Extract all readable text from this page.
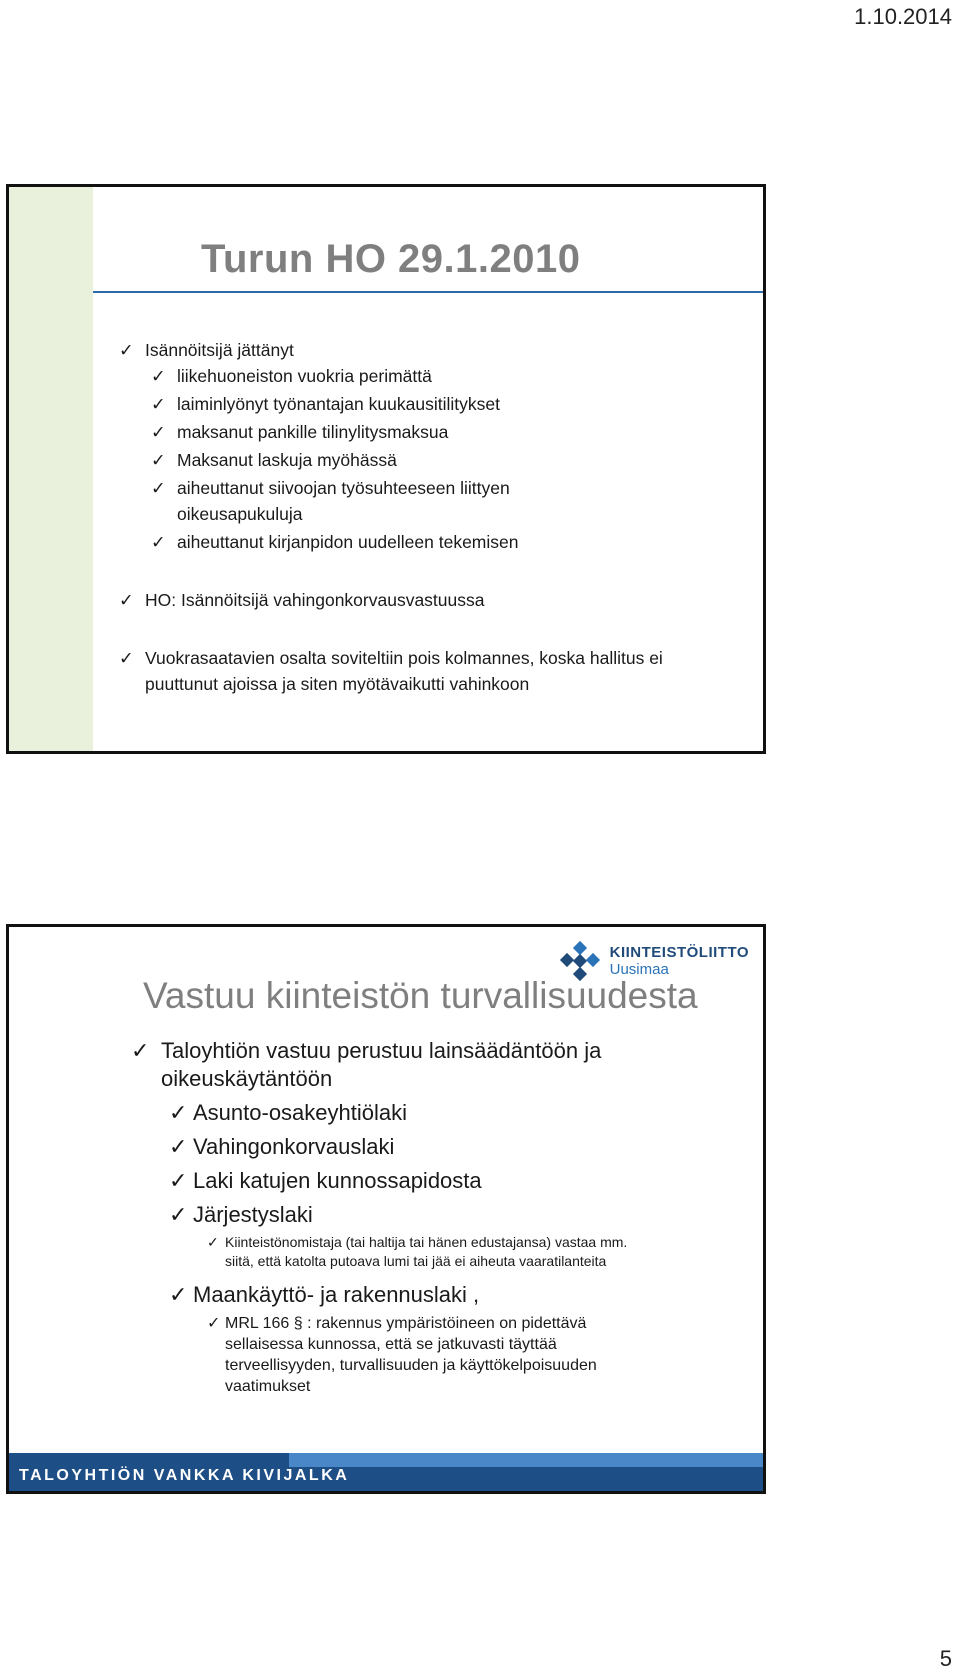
1.10.2014
Turun HO 29.1.2010
✓ Isännöitsijä jättänyt
✓ liikehuoneiston vuokria perimättä
✓ laiminlyönyt työnantajan kuukausitilitykset
✓ maksanut pankille tilinylitysmaksua
✓ Maksanut laskuja myöhässä
✓ aiheuttanut siivoojan työsuhteeseen liittyen oikeusapukuluja
✓ aiheuttanut kirjanpidon uudelleen tekemisen
✓ HO: Isännöitsijä vahingonkorvausvastuussa
✓ Vuokrasaatavien osalta soviteltiin pois kolmannes, koska hallitus ei puuttunut ajoissa ja siten myötävaikutti vahinkoon
KIINTEISTÖLIITTO
Uusimaa
Vastuu kiinteistön turvallisuudesta
✓ Taloyhtiön vastuu perustuu lainsäädäntöön ja oikeuskäytäntöön
✓ Asunto-osakeyhtiölaki
✓ Vahingonkorvauslaki
✓ Laki katujen kunnossapidosta
✓ Järjestyslaki
✓ Kiinteistönomistaja (tai haltija tai hänen edustajansa) vastaa mm. siitä, että katolta putoava lumi tai jää ei aiheuta vaaratilanteita
✓ Maankäyttö- ja rakennuslaki ,
✓ MRL 166 § : rakennus ympäristöineen on pidettävä sellaisessa kunnossa, että se jatkuvasti täyttää terveellisyyden, turvallisuuden ja käyttökelpoisuuden vaatimukset
TALOYHTIÖN VANKKA KIVIJALKA
5
